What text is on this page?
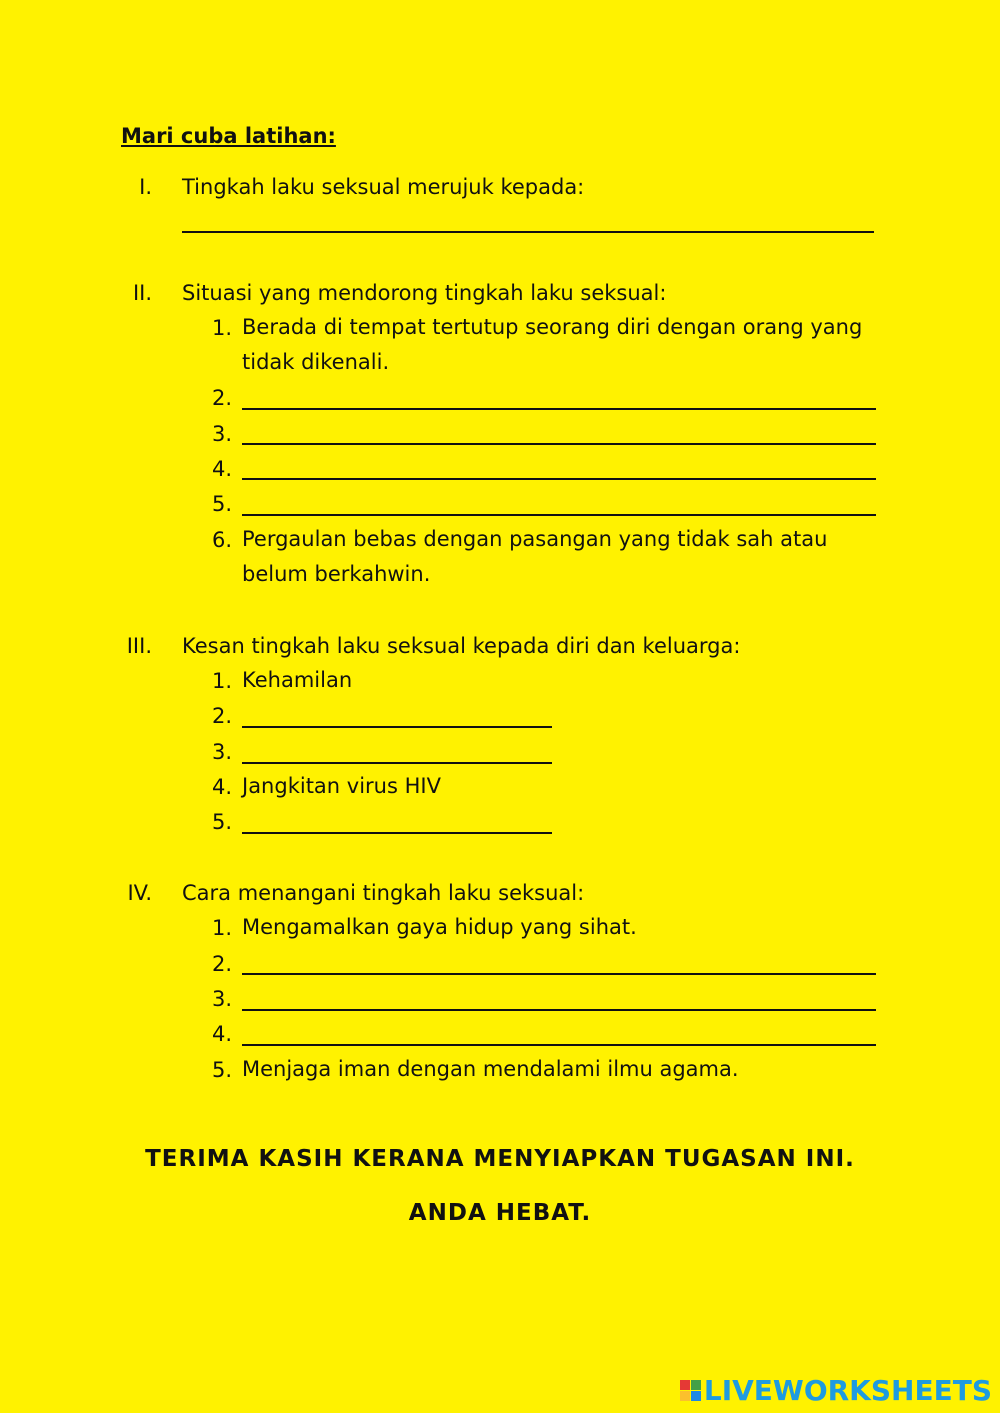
Mari cuba latihan:
I. Tingkah laku seksual merujuk kepada:
II. Situasi yang mendorong tingkah laku seksual:
1. Berada di tempat tertutup seorang diri dengan orang yang
tidak dikenali.
2.
3.
4.
5.
6. Pergaulan bebas dengan pasangan yang tidak sah atau
belum berkahwin.
III. Kesan tingkah laku seksual kepada diri dan keluarga:
1. Kehamilan
2.
3.
4. Jangkitan virus HIV
5.
IV. Cara menangani tingkah laku seksual:
1. Mengamalkan gaya hidup yang sihat.
2.
3.
4.
5. Menjaga iman dengan mendalami ilmu agama.
TERIMA KASIH KERANA MENYIAPKAN TUGASAN INI.
ANDA HEBAT.
LIVEWORKSHEETS
